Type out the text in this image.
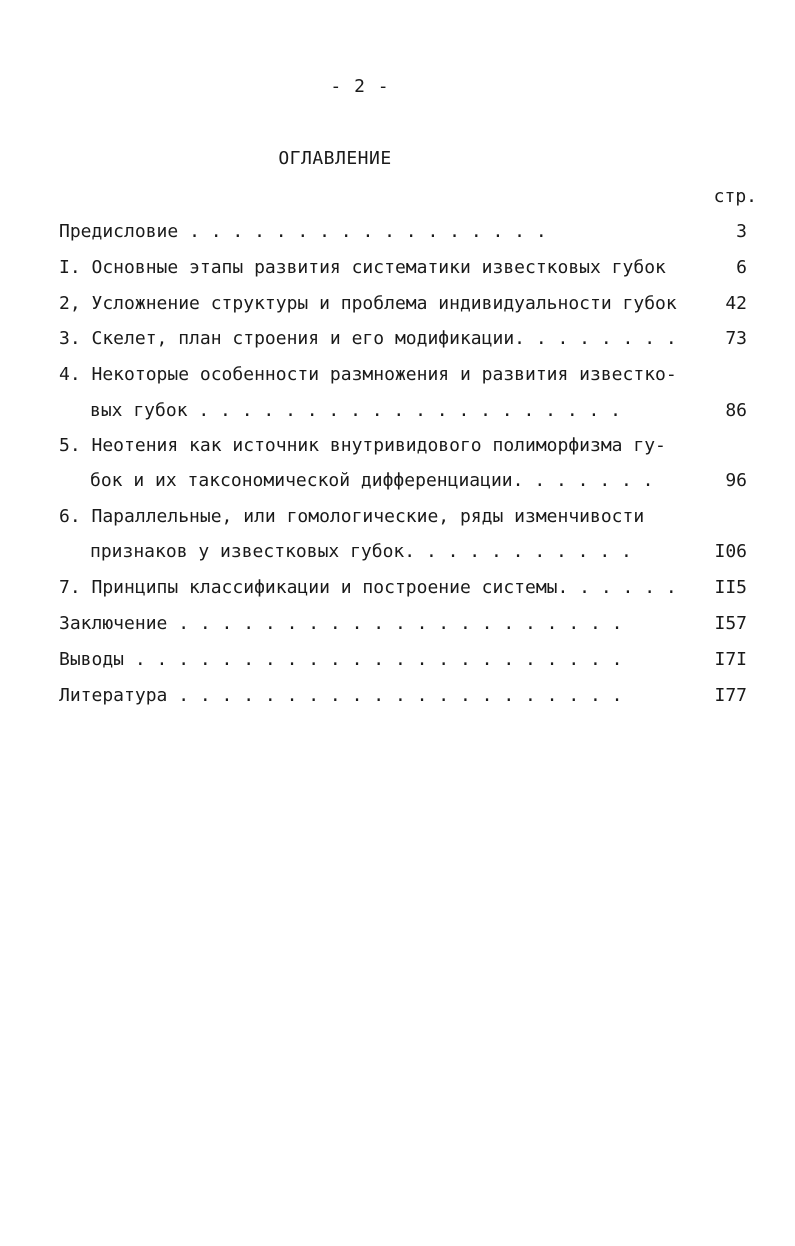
- 2 -
ОГЛАВЛЕНИЕ
стр.
Предисловие . . . . . . . . . . . . . . . . .	3
I. Основные этапы развития систематики известковых губок	6
2, Усложнение структуры и проблема индивидуальности губок	42
3. Скелет, план строения и его модификации. . . . . . . .	73
4. Некоторые особенности размножения и развития известко-
вых губок . . . . . . . . . . . . . . . . . . . .	86
5. Неотения как источник внутривидового полиморфизма гу-
бок и их таксономической дифференциации. . . . . . .	96
6. Параллельные, или гомологические, ряды изменчивости
признаков у известковых губок. . . . . . . . . . .	I06
7. Принципы классификации и построение системы. . . . . . II5
Заключение . . . . . . . . . . . . . . . . . . . . .	I57
Выводы . . . . . . . . . . . . . . . . . . . . . . .	I7I
Литература . . . . . . . . . . . . . . . . . . . . .	I77
